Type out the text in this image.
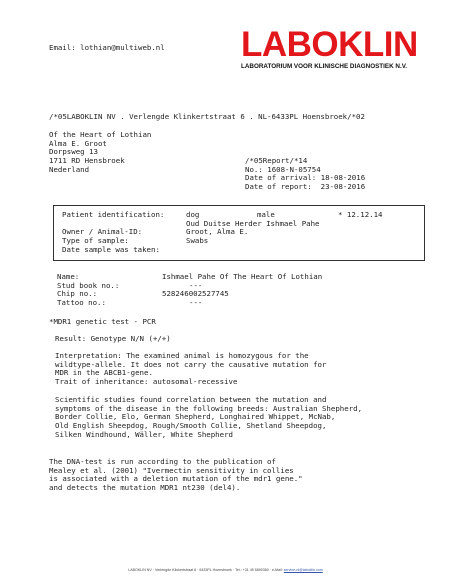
Email: lothian@multiweb.nl LABOKLIN
LABORATORIUM VOOR KLINISCHE DIAGNOSTIEK N.V.
/*05LABOKLIN NV . Verlengde Klinkertstraat 6 . NL-6433PL Hoensbroek/*02
Of the Heart of Lothian
Alma E. Groot
Dorpsweg 13
1711 RD Hensbroek
Nederland
/*05Report/*14
No.: 1608-N-05754
Date of arrival: 18-08-2016
Date of report:  23-08-2016
Patient identification:	dog	male	* 12.12.14
Oud Duitse Herder Ishmael Pahe
Owner / Animal-ID:	Groot, Alma E.
Type of sample:	Swabs
Date sample was taken:
Name:	Ishmael Pahe Of The Heart Of Lothian
Stud book no.:	---
Chip no.:	528246002527745
Tattoo no.:	---
*MDR1 genetic test - PCR
Result: Genotype N/N (+/+)
Interpretation: The examined animal is homozygous for the
wildtype-allele. It does not carry the causative mutation for
MDR in the ABCB1-gene.
Trait of inheritance: autosomal-recessive
Scientific studies found correlation between the mutation and
symptoms of the disease in the following breeds: Australian Shepherd,
Border Collie, Elo, German Shepherd, Longhaired Whippet, McNab,
Old English Sheepdog, Rough/Smooth Collie, Shetland Sheepdog,
Silken Windhound, Wäller, White Shepherd
The DNA-test is run according to the publication of
Mealey et al. (2001) "Ivermectin sensitivity in collies
is associated with a deletion mutation of the mdr1 gene."
and detects the mutation MDR1 nt230 (del4).
LABOKLIN NV · Verlengde Klinkertstraat 6 · 6433PL Hoensbroek · Tel.: +31 45 5890360 · e-Mail: service-nl@laboklin.com
